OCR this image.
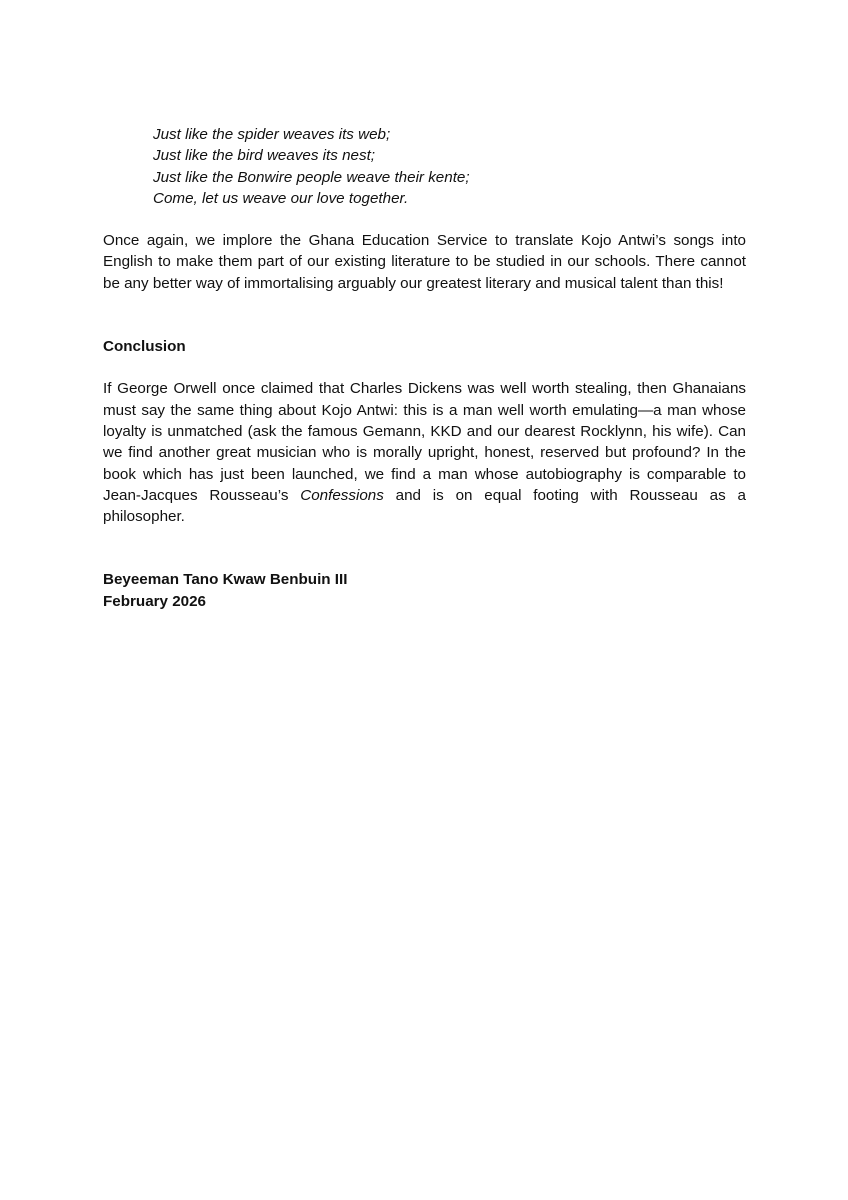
Just like the spider weaves its web;
Just like the bird weaves its nest;
Just like the Bonwire people weave their kente;
Come, let us weave our love together.

Once again, we implore the Ghana Education Service to translate Kojo Antwi’s songs into English to make them part of our existing literature to be studied in our schools. There cannot be any better way of immortalising arguably our greatest literary and musical talent than this!

Conclusion

If George Orwell once claimed that Charles Dickens was well worth stealing, then Ghanaians must say the same thing about Kojo Antwi: this is a man well worth emulating—a man whose loyalty is unmatched (ask the famous Gemann, KKD and our dearest Rocklynn, his wife). Can we find another great musician who is morally upright, honest, reserved but profound? In the book which has just been launched, we find a man whose autobiography is comparable to Jean-Jacques Rousseau’s Confessions and is on equal footing with Rousseau as a philosopher.

Beyeeman Tano Kwaw Benbuin III
February 2026
